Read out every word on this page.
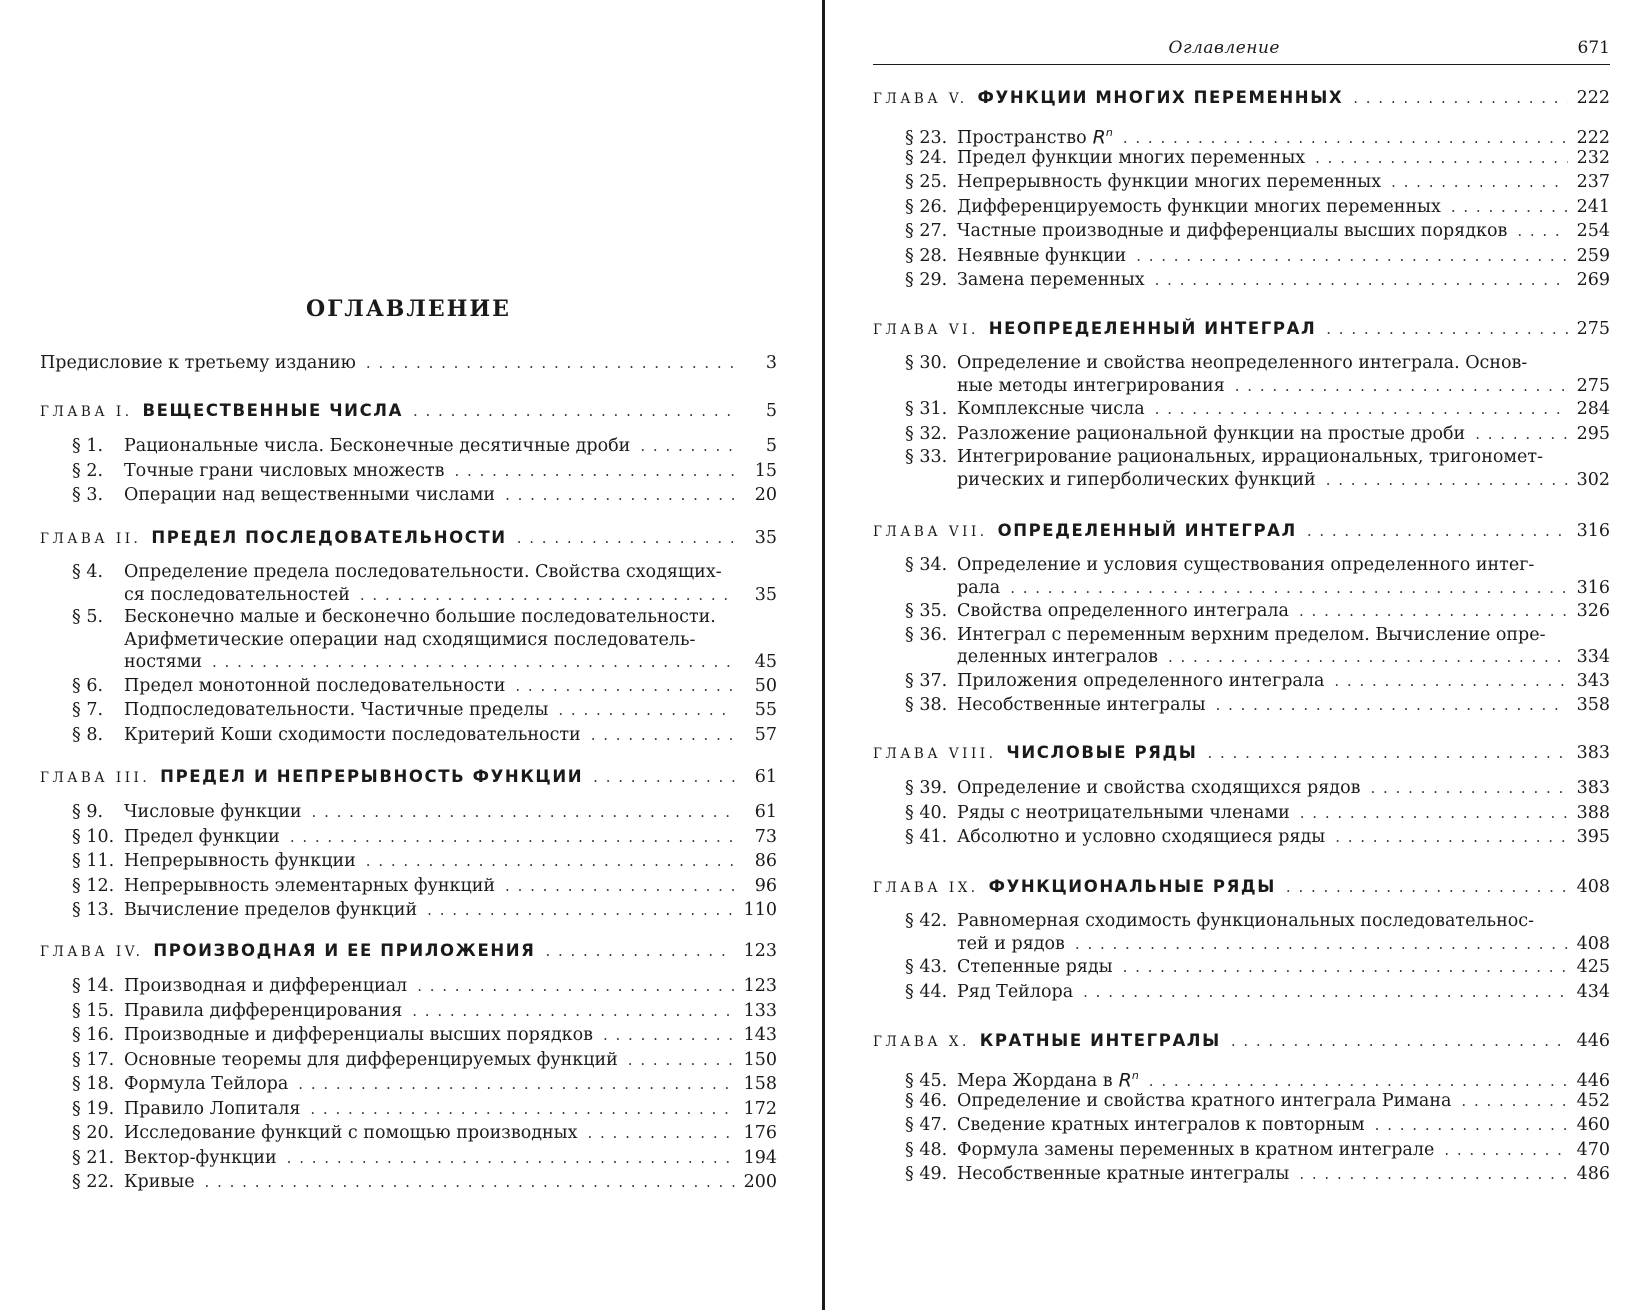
ОГЛАВЛЕНИЕ
Предисловие к третьему изданию . . .	3
ГЛАВА I. ВЕЩЕСТВЕННЫЕ ЧИСЛА . . .	5
§ 1.	Рациональные числа. Бесконечные десятичные дроби . . .	5
§ 2.	Точные грани числовых множеств . . .	15
§ 3.	Операции над вещественными числами . . .	20
ГЛАВА II. ПРЕДЕЛ ПОСЛЕДОВАТЕЛЬНОСТИ . . .	35
§ 4.	Определение предела последовательности. Свойства сходящих-
ся последовательностей . . .	35
§ 5.	Бесконечно малые и бесконечно большие последовательности.
Арифметические операции над сходящимися последователь-
ностями . . .	45
§ 6.	Предел монотонной последовательности . . .	50
§ 7.	Подпоследовательности. Частичные пределы . . .	55
§ 8.	Критерий Коши сходимости последовательности . . .	57
ГЛАВА III. ПРЕДЕЛ И НЕПРЕРЫВНОСТЬ ФУНКЦИИ . . .	61
§ 9.	Числовые функции . . .	61
§ 10. Предел функции . . .	73
§ 11. Непрерывность функции . . .	86
§ 12. Непрерывность элементарных функций . . .	96
§ 13. Вычисление пределов функций . . .	110
ГЛАВА IV. ПРОИЗВОДНАЯ И ЕЕ ПРИЛОЖЕНИЯ . . .	123
§ 14. Производная и дифференциал . . .	123
§ 15. Правила дифференцирования . . .	133
§ 16. Производные и дифференциалы высших порядков . . .	143
§ 17. Основные теоремы для дифференцируемых функций . . .	150
§ 18. Формула Тейлора . . .	158
§ 19. Правило Лопиталя . . .	172
§ 20. Исследование функций с помощью производных . . .	176
§ 21. Вектор-функции . . .	194
§ 22. Кривые . . .	200
Оглавление	671
ГЛАВА V. ФУНКЦИИ МНОГИХ ПЕРЕМЕННЫХ . . .	222
§ 23. Пространство $R^n$ . . .	222
§ 24. Предел функции многих переменных . . .	232
§ 25. Непрерывность функции многих переменных . . .	237
§ 26. Дифференцируемость функции многих переменных . . .	241
§ 27. Частные производные и дифференциалы высших порядков . . .	254
§ 28. Неявные функции . . .	259
§ 29. Замена переменных . . .	269
ГЛАВА VI. НЕОПРЕДЕЛЕННЫЙ ИНТЕГРАЛ . . .	275
§ 30. Определение и свойства неопределенного интеграла. Основ-
ные методы интегрирования . . .	275
§ 31. Комплексные числа . . .	284
§ 32. Разложение рациональной функции на простые дроби . . .	295
§ 33. Интегрирование рациональных, иррациональных, тригономет-
рических и гиперболических функций . . .	302
ГЛАВА VII. ОПРЕДЕЛЕННЫЙ ИНТЕГРАЛ . . .	316
§ 34. Определение и условия существования определенного интег-
рала . . .	316
§ 35. Свойства определенного интеграла . . .	326
§ 36. Интеграл с переменным верхним пределом. Вычисление опре-
деленных интегралов . . .	334
§ 37. Приложения определенного интеграла . . .	343
§ 38. Несобственные интегралы . . .	358
ГЛАВА VIII. ЧИСЛОВЫЕ РЯДЫ . . .	383
§ 39. Определение и свойства сходящихся рядов . . .	383
§ 40. Ряды с неотрицательными членами . . .	388
§ 41. Абсолютно и условно сходящиеся ряды . . .	395
ГЛАВА IX. ФУНКЦИОНАЛЬНЫЕ РЯДЫ . . .	408
§ 42. Равномерная сходимость функциональных последовательнос-
тей и рядов . . .	408
§ 43. Степенные ряды . . .	425
§ 44. Ряд Тейлора . . .	434
ГЛАВА X. КРАТНЫЕ ИНТЕГРАЛЫ . . .	446
§ 45. Мера Жордана в $R^n$ . . .	446
§ 46. Определение и свойства кратного интеграла Римана . . .	452
§ 47. Сведение кратных интегралов к повторным . . .	460
§ 48. Формула замены переменных в кратном интеграле . . .	470
§ 49. Несобственные кратные интегралы . . .	486
